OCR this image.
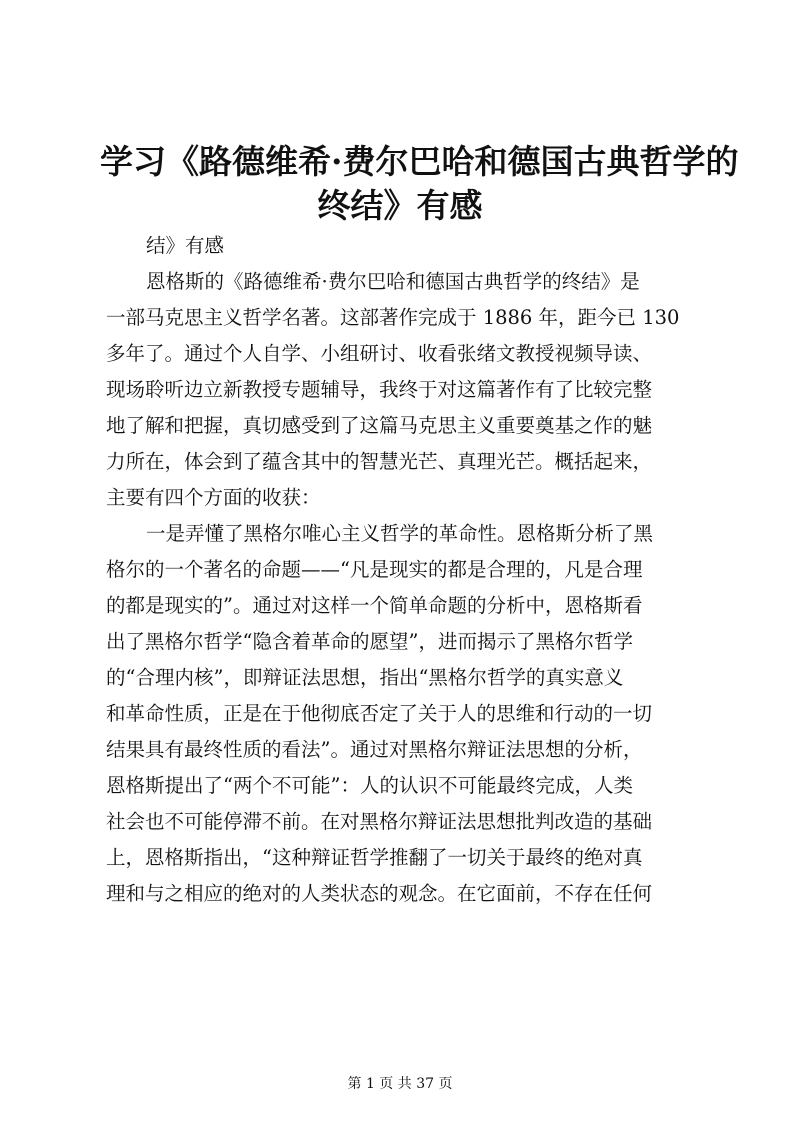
学习《路德维希·费尔巴哈和德国古典哲学的
终结》有感
结》有感
恩格斯的《路德维希·费尔巴哈和德国古典哲学的终结》是
一部马克思主义哲学名著。这部著作完成于 1886 年，距今已 130
多年了。通过个人自学、小组研讨、收看张绪文教授视频导读、
现场聆听边立新教授专题辅导，我终于对这篇著作有了比较完整
地了解和把握，真切感受到了这篇马克思主义重要奠基之作的魅
力所在，体会到了蕴含其中的智慧光芒、真理光芒。概括起来，
主要有四个方面的收获：
一是弄懂了黑格尔唯心主义哲学的革命性。恩格斯分析了黑
格尔的一个著名的命题——“凡是现实的都是合理的，凡是合理
的都是现实的”。通过对这样一个简单命题的分析中，恩格斯看
出了黑格尔哲学“隐含着革命的愿望”，进而揭示了黑格尔哲学
的“合理内核”，即辩证法思想，指出“黑格尔哲学的真实意义
和革命性质，正是在于他彻底否定了关于人的思维和行动的一切
结果具有最终性质的看法”。通过对黑格尔辩证法思想的分析，
恩格斯提出了“两个不可能”：人的认识不可能最终完成，人类
社会也不可能停滞不前。在对黑格尔辩证法思想批判改造的基础
上，恩格斯指出，“这种辩证哲学推翻了一切关于最终的绝对真
理和与之相应的绝对的人类状态的观念。在它面前，不存在任何
第 1 页 共 37 页
